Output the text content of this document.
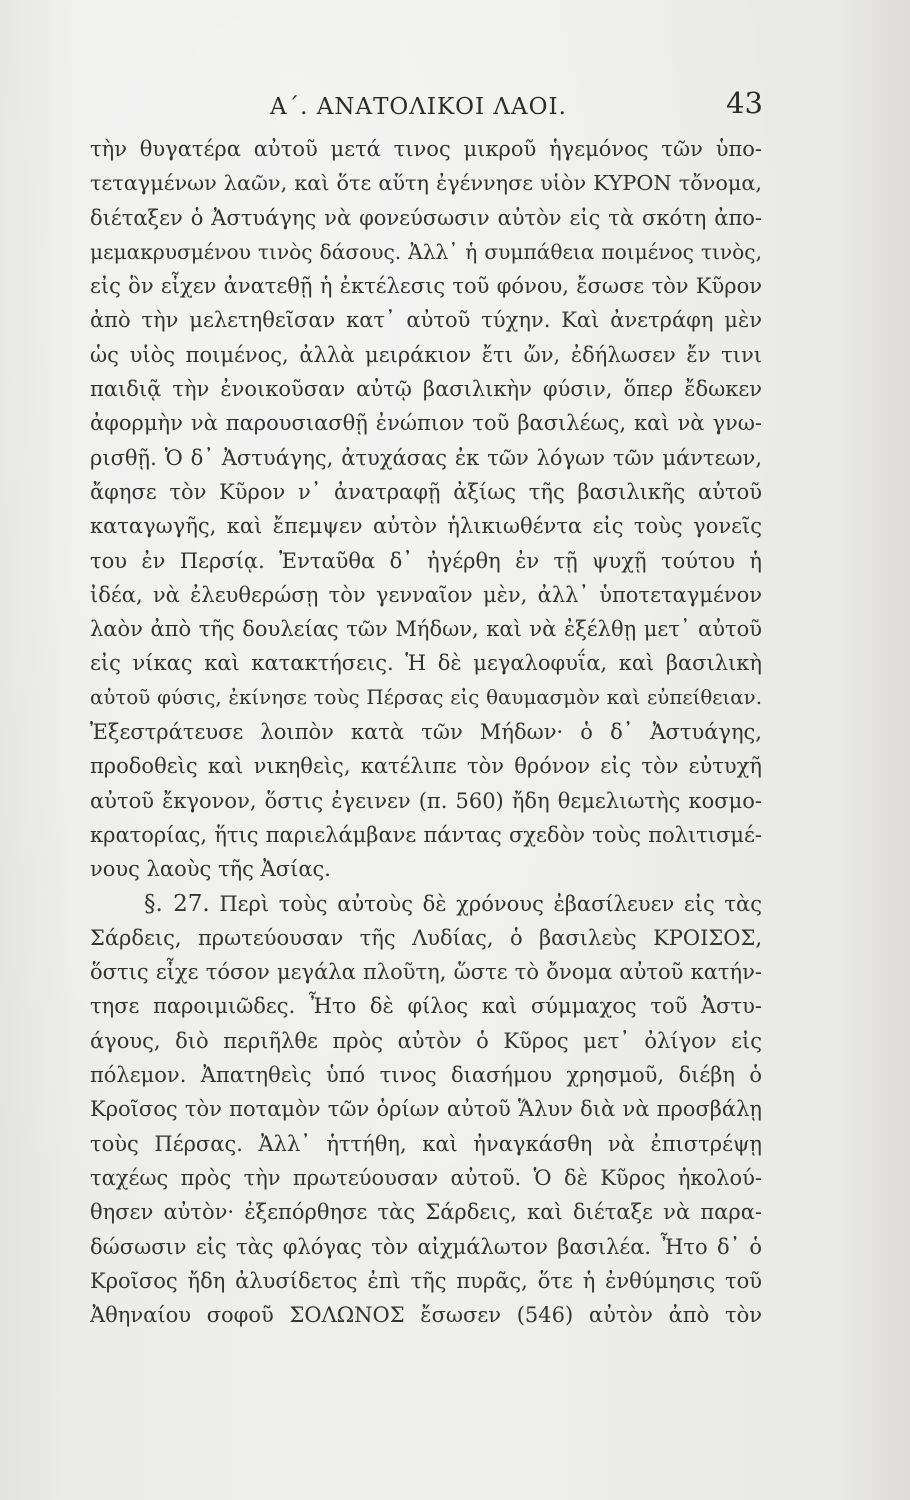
Α΄. ΑΝΑΤΟΛΙΚΟΙ ΛΑΟΙ.	43
τὴν θυγατέρα αὐτοῦ μετά τινος μικροῦ ἡγεμόνος τῶν ὑπο-
τεταγμένων λαῶν, καὶ ὅτε αὕτη ἐγέννησε υἱὸν ΚΥΡΟΝ τὄνομα,
διέταξεν ὁ Ἀστυάγης νὰ φονεύσωσιν αὐτὸν εἰς τὰ σκότη ἀπο-
μεμακρυσμένου τινὸς δάσους. Ἀλλ᾽ ἡ συμπάθεια ποιμένος τινὸς,
εἰς ὃν εἶχεν ἀνατεθῇ ἡ ἐκτέλεσις τοῦ φόνου, ἔσωσε τὸν Κῦρον
ἀπὸ τὴν μελετηθεῖσαν κατ᾽ αὐτοῦ τύχην. Καὶ ἀνετράφη μὲν
ὡς υἱὸς ποιμένος, ἀλλὰ μειράκιον ἔτι ὤν, ἐδήλωσεν ἔν τινι
παιδιᾷ τὴν ἐνοικοῦσαν αὐτῷ βασιλικὴν φύσιν, ὅπερ ἔδωκεν
ἀφορμὴν νὰ παρουσιασθῇ ἐνώπιον τοῦ βασιλέως, καὶ νὰ γνω-
ρισθῇ. Ὁ δ᾽ Ἀστυάγης, ἀτυχάσας ἐκ τῶν λόγων τῶν μάντεων,
ἄφησε τὸν Κῦρον ν᾽ ἀνατραφῇ ἀξίως τῆς βασιλικῆς αὐτοῦ
καταγωγῆς, καὶ ἔπεμψεν αὐτὸν ἡλικιωθέντα εἰς τοὺς γονεῖς
του ἐν Περσίᾳ. Ἐνταῦθα δ᾽ ἠγέρθη ἐν τῇ ψυχῇ τούτου ἡ
ἰδέα, νὰ ἐλευθερώσῃ τὸν γενναῖον μὲν, ἀλλ᾽ ὑποτεταγμένον
λαὸν ἀπὸ τῆς δουλείας τῶν Μήδων, καὶ νὰ ἐξέλθῃ μετ᾽ αὐτοῦ
εἰς νίκας καὶ κατακτήσεις. Ἡ δὲ μεγαλοφυΐα, καὶ βασιλικὴ
αὐτοῦ φύσις, ἐκίνησε τοὺς Πέρσας εἰς θαυμασμὸν καὶ εὐπείθειαν.
Ἐξεστράτευσε λοιπὸν κατὰ τῶν Μήδων· ὁ δ᾽ Ἀστυάγης,
προδοθεὶς καὶ νικηθεὶς, κατέλιπε τὸν θρόνον εἰς τὸν εὐτυχῆ
αὐτοῦ ἔκγονον, ὅστις ἐγεινεν (π. 560) ἤδη θεμελιωτὴς κοσμο-
κρατορίας, ἥτις παριελάμβανε πάντας σχεδὸν τοὺς πολιτισμέ-
νους λαοὺς τῆς Ἀσίας.
§. 27. Περὶ τοὺς αὐτοὺς δὲ χρόνους ἐβασίλευεν εἰς τὰς
Σάρδεις, πρωτεύουσαν τῆς Λυδίας, ὁ βασιλεὺς ΚΡΟΙΣΟΣ,
ὅστις εἶχε τόσον μεγάλα πλοῦτη, ὥστε τὸ ὄνομα αὐτοῦ κατήν-
τησε παροιμιῶδες. Ἦτο δὲ φίλος καὶ σύμμαχος τοῦ Ἀστυ-
άγους, διὸ περιῆλθε πρὸς αὐτὸν ὁ Κῦρος μετ᾽ ὀλίγον εἰς
πόλεμον. Ἀπατηθεὶς ὑπό τινος διασήμου χρησμοῦ, διέβη ὁ
Κροῖσος τὸν ποταμὸν τῶν ὁρίων αὐτοῦ Ἅλυν διὰ νὰ προσβάλῃ
τοὺς Πέρσας. Ἀλλ᾽ ἡττήθη, καὶ ἠναγκάσθη νὰ ἐπιστρέψῃ
ταχέως πρὸς τὴν πρωτεύουσαν αὐτοῦ. Ὁ δὲ Κῦρος ἠκολού-
θησεν αὐτὸν· ἐξεπόρθησε τὰς Σάρδεις, καὶ διέταξε νὰ παρα-
δώσωσιν εἰς τὰς φλόγας τὸν αἰχμάλωτον βασιλέα. Ἦτο δ᾽ ὁ
Κροῖσος ἤδη ἀλυσίδετος ἐπὶ τῆς πυρᾶς, ὅτε ἡ ἐνθύμησις τοῦ
Ἀθηναίου σοφοῦ ΣΟΛΩΝΟΣ ἔσωσεν (546) αὐτὸν ἀπὸ τὸν
